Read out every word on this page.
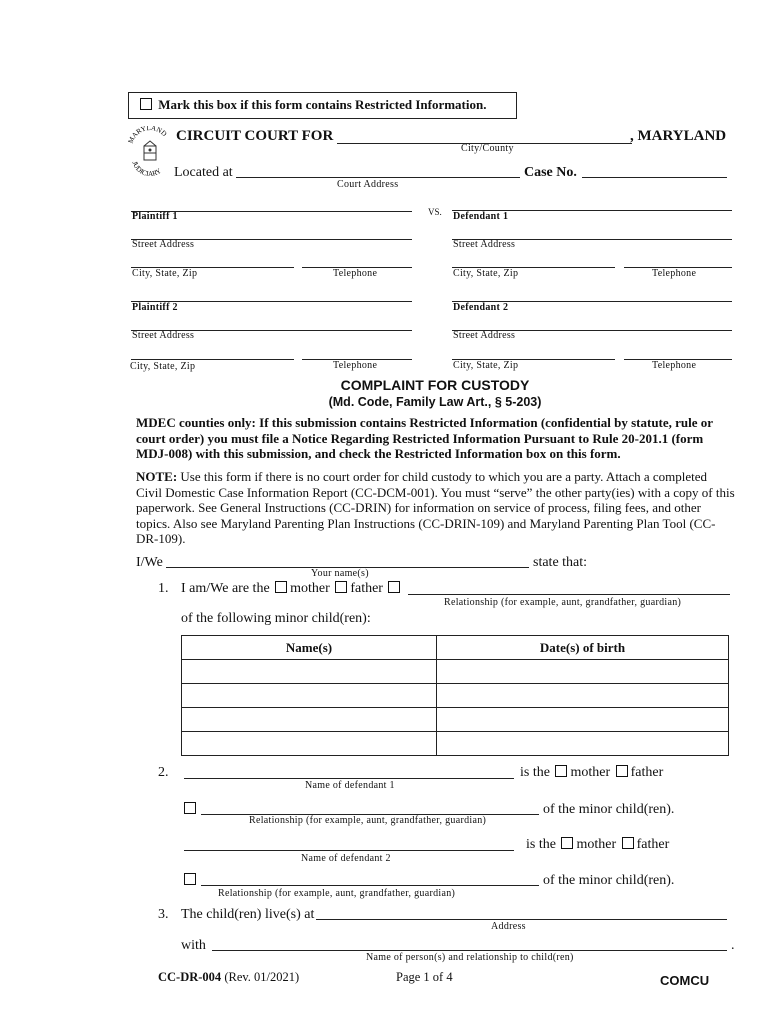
Mark this box if this form contains Restricted Information.
MARYLAND
JUDICIARY
CIRCUIT COURT FOR	, MARYLAND
City/County
Located at
Court Address
Case No.
Plaintiff 1	VS. Defendant 1
Street Address	Street Address
City, State, Zip	Telephone	City, State, Zip	Telephone
Plaintiff 2	Defendant 2
Street Address	Street Address
City, State, Zip	Telephone	City, State, Zip	Telephone
COMPLAINT FOR CUSTODY
(Md. Code, Family Law Art., § 5-203)
MDEC counties only: If this submission contains Restricted Information (confidential by statute, rule or court order) you must file a Notice Regarding Restricted Information Pursuant to Rule 20-201.1 (form MDJ-008) with this submission, and check the Restricted Information box on this form.
NOTE: Use this form if there is no court order for child custody to which you are a party. Attach a completed Civil Domestic Case Information Report (CC-DCM-001). You must “serve” the other party(ies) with a copy of this paperwork. See General Instructions (CC-DRIN) for information on service of process, filing fees, and other topics. Also see Maryland Parenting Plan Instructions (CC-DRIN-109) and Maryland Parenting Plan Tool (CC-DR-109).
I/We	state that:
Your name(s)
1. I am/We are the mother father
Relationship (for example, aunt, grandfather, guardian)
of the following minor child(ren):
Name(s)	Date(s) of birth

2.	is the mother father
Name of defendant 1
of the minor child(ren).
Relationship (for example, aunt, grandfather, guardian)
is the mother father
Name of defendant 2
of the minor child(ren).
Relationship (for example, aunt, grandfather, guardian)
3. The child(ren) live(s) at
Address
with	.
Name of person(s) and relationship to child(ren)
CC-DR-004 (Rev. 01/2021)	Page 1 of 4	COMCU
